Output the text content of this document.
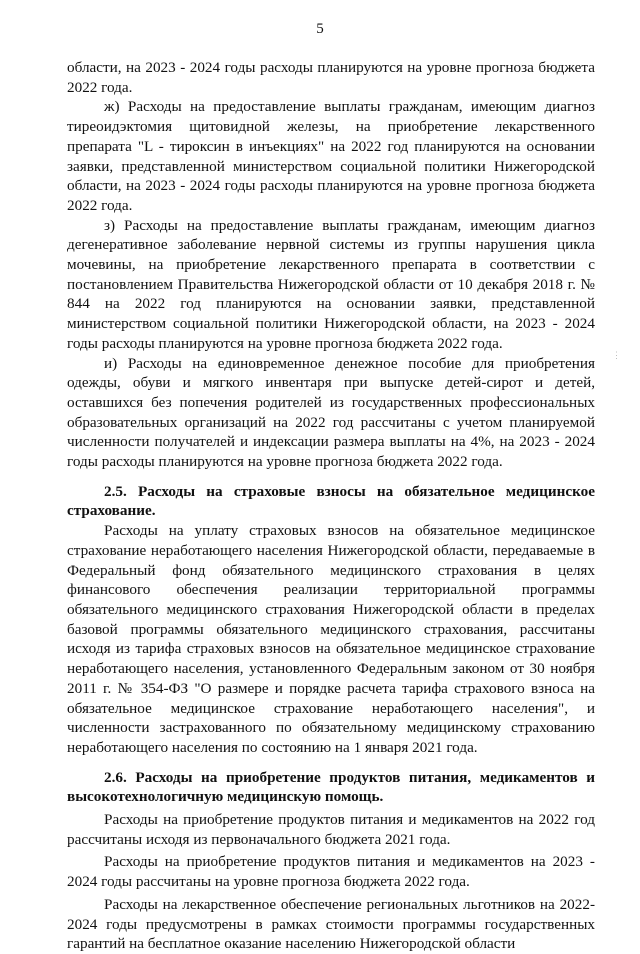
5
⋮

области, на 2023 - 2024 годы расходы планируются на уровне прогноза бюджета 2022 года.

ж) Расходы на предоставление выплаты гражданам, имеющим диагноз тиреоидэктомия щитовидной железы, на приобретение лекарственного препарата "L - тироксин в инъекциях" на 2022 год планируются на основании заявки, представленной министерством социальной политики Нижегородской области, на 2023 - 2024 годы расходы планируются на уровне прогноза бюджета 2022 года.

з) Расходы на предоставление выплаты гражданам, имеющим диагноз дегенеративное заболевание нервной системы из группы нарушения цикла мочевины, на приобретение лекарственного препарата в соответствии с постановлением Правительства Нижегородской области от 10 декабря 2018 г. № 844 на 2022 год планируются на основании заявки, представленной министерством социальной политики Нижегородской области, на 2023 - 2024 годы расходы планируются на уровне прогноза бюджета 2022 года.

и) Расходы на единовременное денежное пособие для приобретения одежды, обуви и мягкого инвентаря при выпуске детей-сирот и детей, оставшихся без попечения родителей из государственных профессиональных образовательных организаций на 2022 год рассчитаны с учетом планируемой численности получателей и индексации размера выплаты на 4%, на 2023 - 2024 годы расходы планируются на уровне прогноза бюджета 2022 года.

2.5. Расходы на страховые взносы на обязательное медицинское страхование.

Расходы на уплату страховых взносов на обязательное медицинское страхование неработающего населения Нижегородской области, передаваемые в Федеральный фонд обязательного медицинского страхования в целях финансового обеспечения реализации территориальной программы обязательного медицинского страхования Нижегородской области в пределах базовой программы обязательного медицинского страхования, рассчитаны исходя из тарифа страховых взносов на обязательное медицинское страхование неработающего населения, установленного Федеральным законом от 30 ноября 2011 г. № 354-ФЗ "О размере и порядке расчета тарифа страхового взноса на обязательное медицинское страхование неработающего населения", и численности застрахованного по обязательному медицинскому страхованию неработающего населения по состоянию на 1 января 2021 года.

2.6. Расходы на приобретение продуктов питания, медикаментов и высокотехнологичную медицинскую помощь.

Расходы на приобретение продуктов питания и медикаментов на 2022 год рассчитаны исходя из первоначального бюджета 2021 года.

Расходы на приобретение продуктов питания и медикаментов на 2023 - 2024 годы рассчитаны на уровне прогноза бюджета 2022 года.

Расходы на лекарственное обеспечение региональных льготников на 2022-2024 годы предусмотрены в рамках стоимости программы государственных гарантий на бесплатное оказание населению Нижегородской области
